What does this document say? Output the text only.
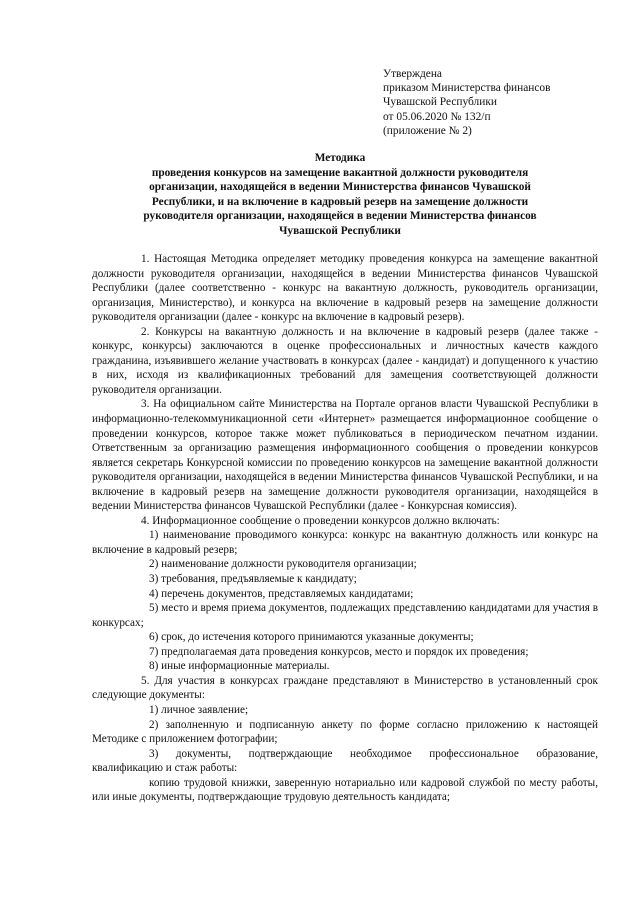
Утверждена
приказом Министерства финансов
Чувашской Республики
от 05.06.2020 № 132/п
(приложение № 2)
Методика
проведения конкурсов на замещение вакантной должности руководителя
организации, находящейся в ведении Министерства финансов Чувашской
Республики, и на включение в кадровый резерв на замещение должности
руководителя организации, находящейся в ведении Министерства финансов
Чувашской Республики

1. Настоящая Методика определяет методику проведения конкурса на замещение вакантной должности руководителя организации, находящейся в ведении Министерства финансов Чувашской Республики (далее соответственно - конкурс на вакантную должность, руководитель организации, организация, Министерство), и конкурса на включение в кадровый резерв на замещение должности руководителя организации (далее - конкурс на включение в кадровый резерв).

2. Конкурсы на вакантную должность и на включение в кадровый резерв (далее также - конкурс, конкурсы) заключаются в оценке профессиональных и личностных качеств каждого гражданина, изъявившего желание участвовать в конкурсах (далее - кандидат) и допущенного к участию в них, исходя из квалификационных требований для замещения соответствующей должности руководителя организации.

3. На официальном сайте Министерства на Портале органов власти Чувашской Республики в информационно-телекоммуникационной сети «Интернет» размещается информационное сообщение о проведении конкурсов, которое также может публиковаться в периодическом печатном издании. Ответственным за организацию размещения информационного сообщения о проведении конкурсов является секретарь Конкурсной комиссии по проведению конкурсов на замещение вакантной должности руководителя организации, находящейся в ведении Министерства финансов Чувашской Республики, и на включение в кадровый резерв на замещение должности руководителя организации, находящейся в ведении Министерства финансов Чувашской Республики (далее - Конкурсная комиссия).

4. Информационное сообщение о проведении конкурсов должно включать:

1) наименование проводимого конкурса: конкурс на вакантную должность или конкурс на включение в кадровый резерв;

2) наименование должности руководителя организации;

3) требования, предъявляемые к кандидату;

4) перечень документов, представляемых кандидатами;

5) место и время приема документов, подлежащих представлению кандидатами для участия в конкурсах;

6) срок, до истечения которого принимаются указанные документы;

7) предполагаемая дата проведения конкурсов, место и порядок их проведения;

8) иные информационные материалы.

5. Для участия в конкурсах граждане представляют в Министерство в установленный срок следующие документы:

1) личное заявление;

2) заполненную и подписанную анкету по форме согласно приложению к настоящей Методике с приложением фотографии;

3) документы, подтверждающие необходимое профессиональное образование, квалификацию и стаж работы:

копию трудовой книжки, заверенную нотариально или кадровой службой по месту работы, или иные документы, подтверждающие трудовую деятельность кандидата;
